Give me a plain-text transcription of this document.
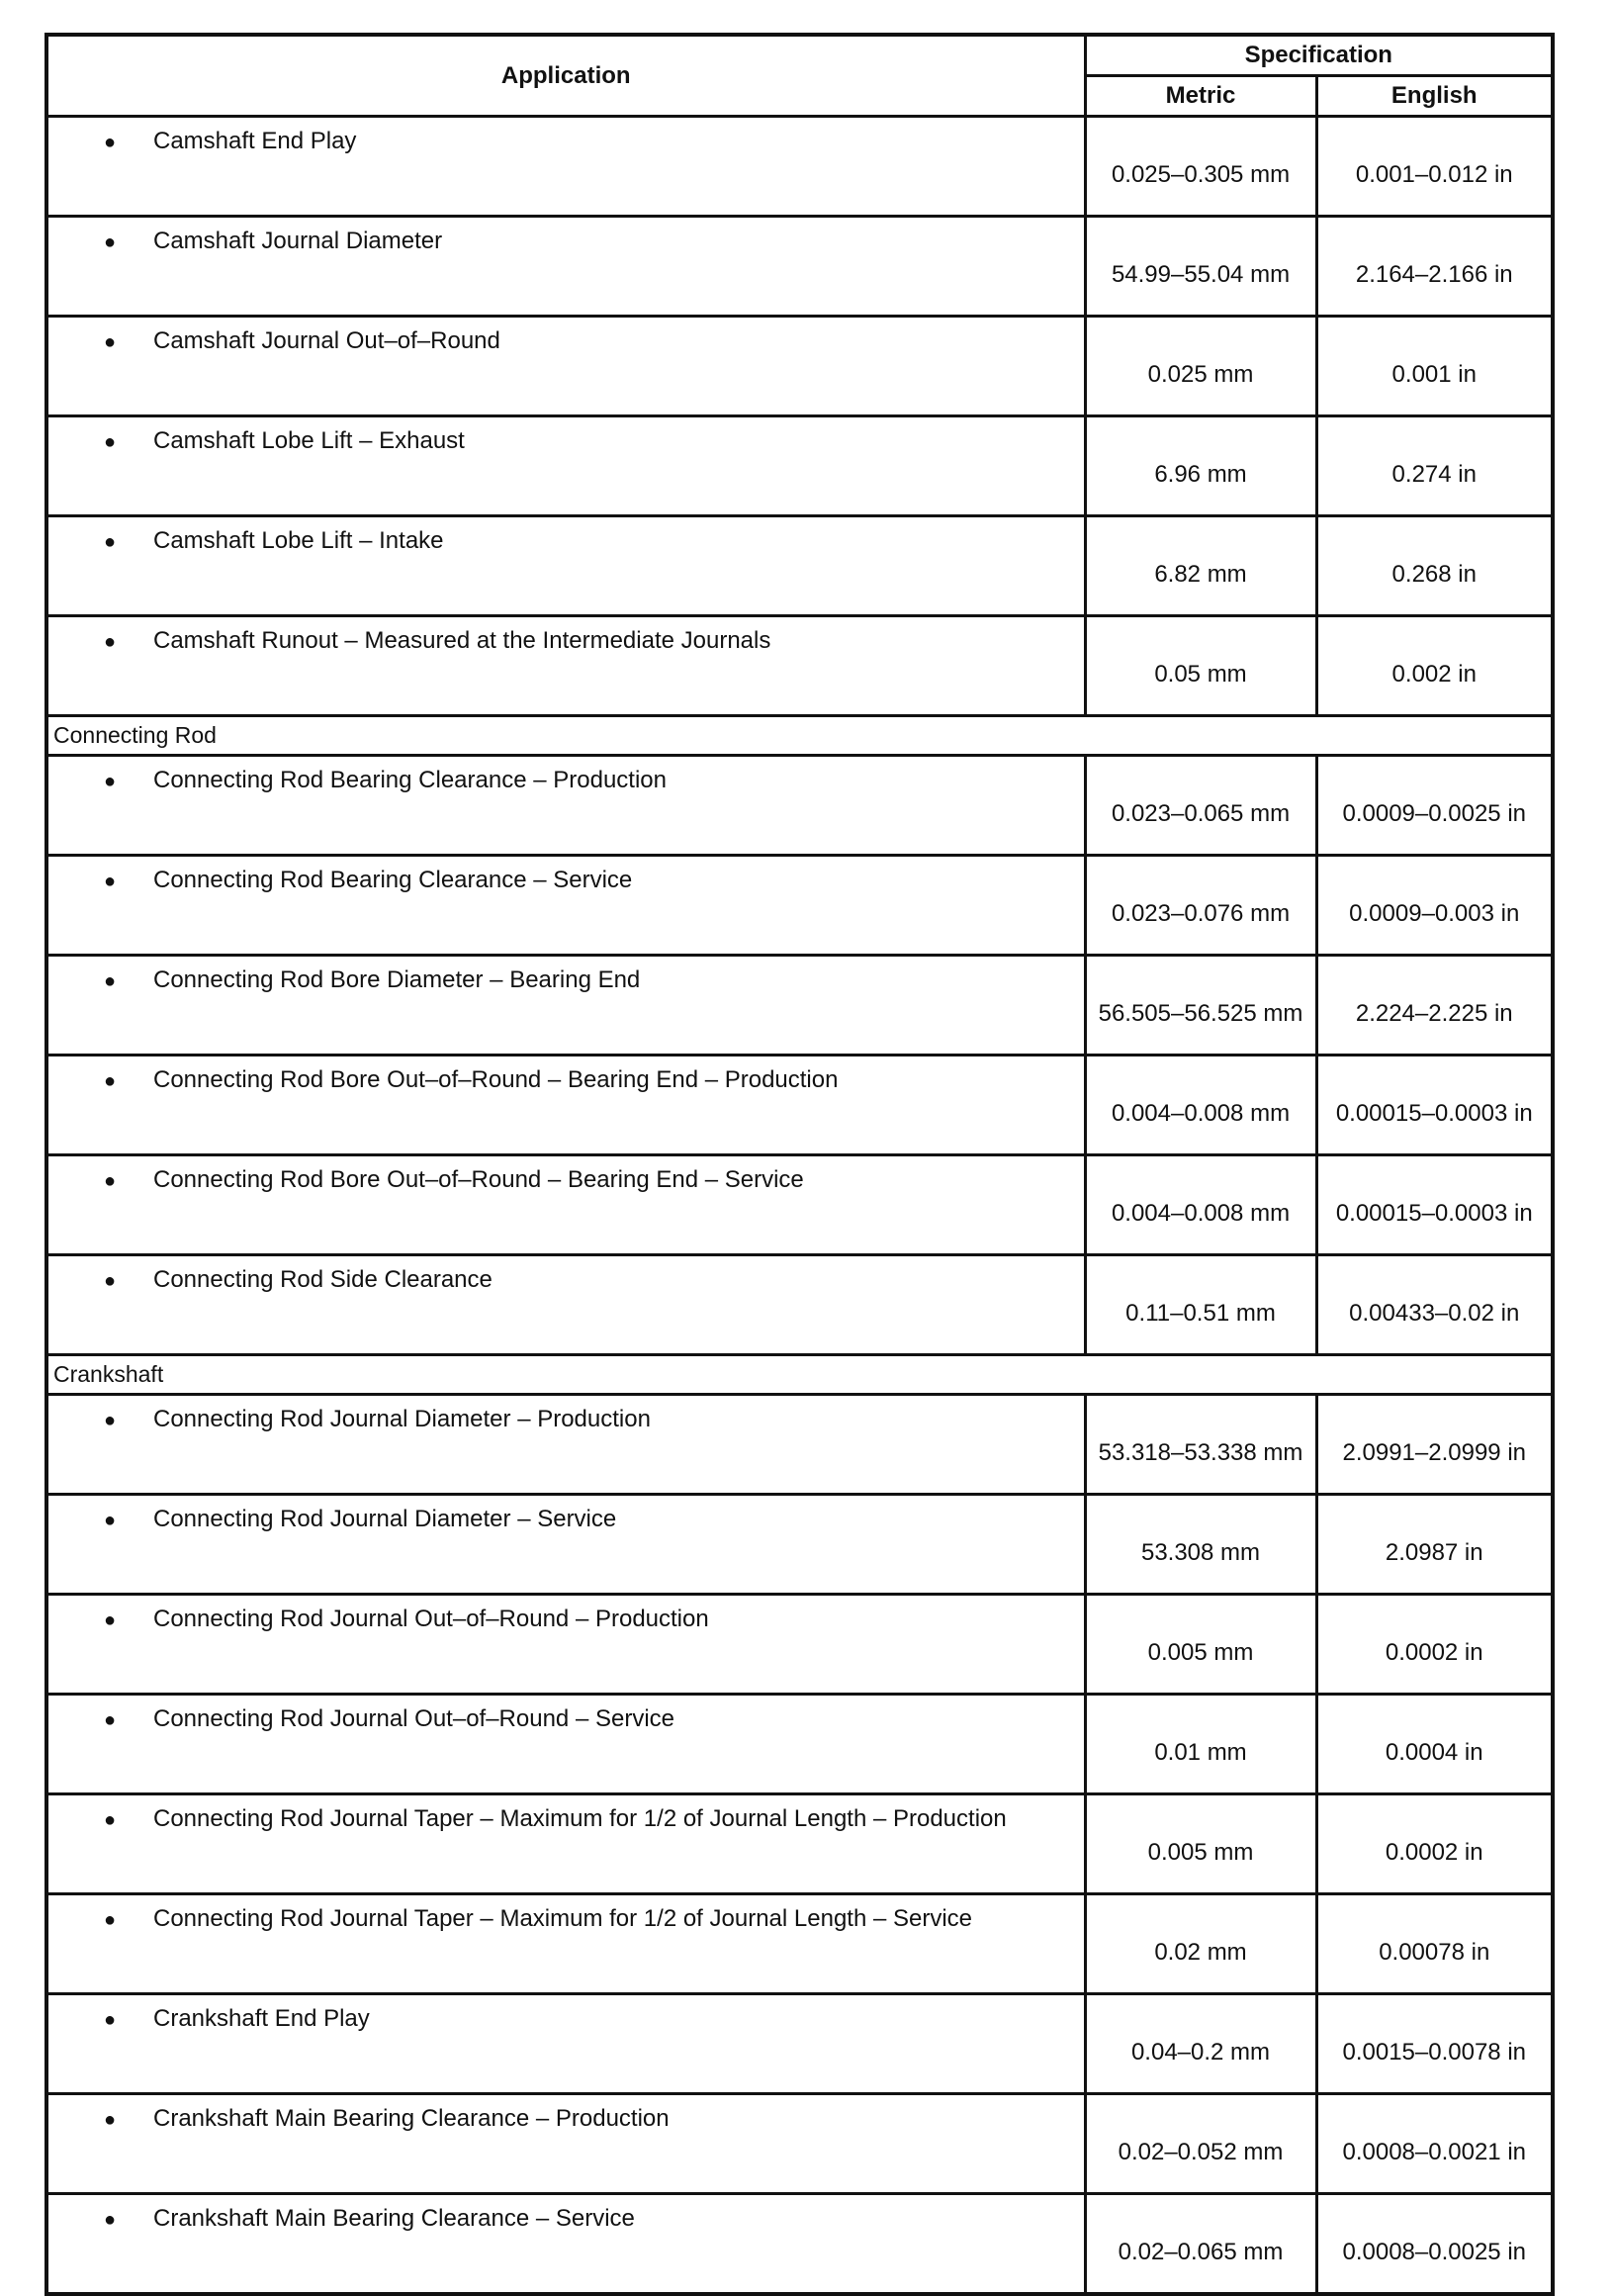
Application	Specification	
	Metric	English
● Camshaft End Play	0.025–0.305 mm	0.001–0.012 in
● Camshaft Journal Diameter	54.99–55.04 mm	2.164–2.166 in
● Camshaft Journal Out–of–Round	0.025 mm	0.001 in
● Camshaft Lobe Lift – Exhaust	6.96 mm	0.274 in
● Camshaft Lobe Lift – Intake	6.82 mm	0.268 in
● Camshaft Runout – Measured at the Intermediate Journals	0.05 mm	0.002 in
Connecting Rod		
● Connecting Rod Bearing Clearance – Production	0.023–0.065 mm	0.0009–0.0025 in
● Connecting Rod Bearing Clearance – Service	0.023–0.076 mm	0.0009–0.003 in
● Connecting Rod Bore Diameter – Bearing End	56.505–56.525 mm	2.224–2.225 in
● Connecting Rod Bore Out–of–Round – Bearing End – Production	0.004–0.008 mm	0.00015–0.0003 in
● Connecting Rod Bore Out–of–Round – Bearing End – Service	0.004–0.008 mm	0.00015–0.0003 in
● Connecting Rod Side Clearance	0.11–0.51 mm	0.00433–0.02 in
Crankshaft		
● Connecting Rod Journal Diameter – Production	53.318–53.338 mm	2.0991–2.0999 in
● Connecting Rod Journal Diameter – Service	53.308 mm	2.0987 in
● Connecting Rod Journal Out–of–Round – Production	0.005 mm	0.0002 in
● Connecting Rod Journal Out–of–Round – Service	0.01 mm	0.0004 in
● Connecting Rod Journal Taper – Maximum for 1/2 of Journal Length – Production	0.005 mm	0.0002 in
● Connecting Rod Journal Taper – Maximum for 1/2 of Journal Length – Service	0.02 mm	0.00078 in
● Crankshaft End Play	0.04–0.2 mm	0.0015–0.0078 in
● Crankshaft Main Bearing Clearance – Production	0.02–0.052 mm	0.0008–0.0021 in
● Crankshaft Main Bearing Clearance – Service	0.02–0.065 mm	0.0008–0.0025 in
